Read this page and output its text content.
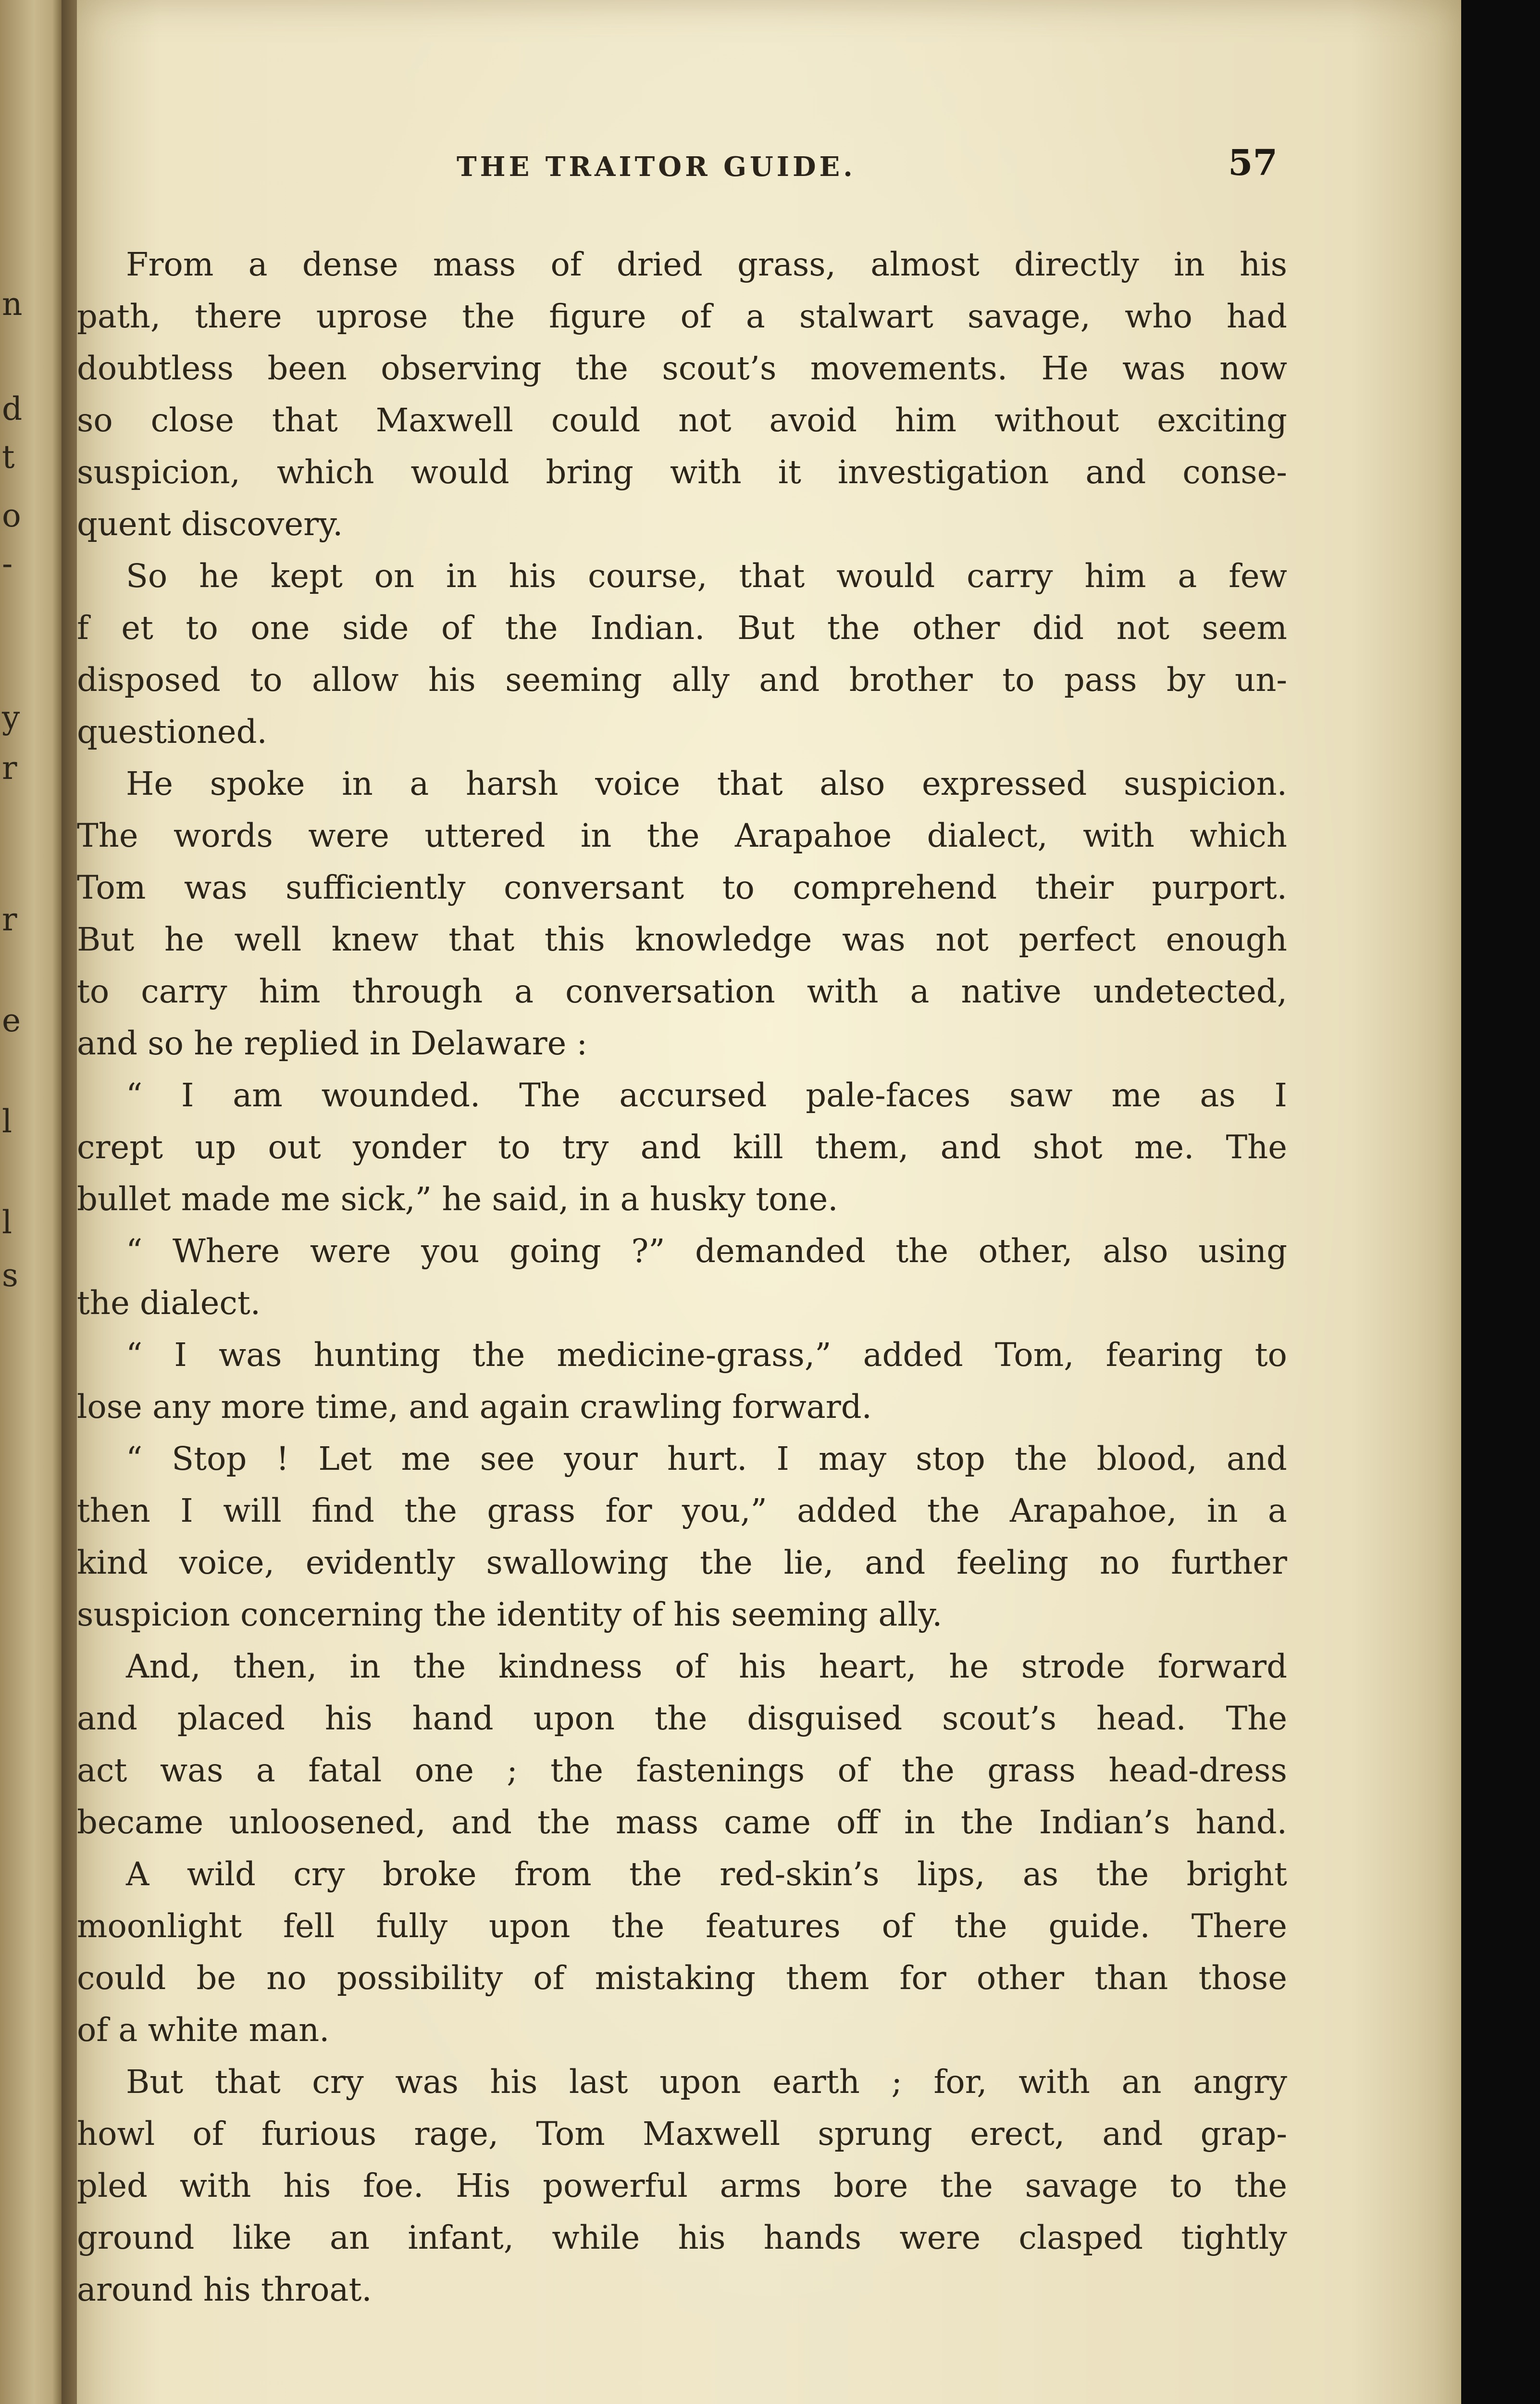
n
d
t
o
-
y
r
r
e
l
l
s
THE TRAITOR GUIDE.	57
From a dense mass of dried grass, almost directly in his
path, there uprose the figure of a stalwart savage, who had
doubtless been observing the scout’s movements. He was now
so close that Maxwell could not avoid him without exciting
suspicion, which would bring with it investigation and conse-
quent discovery.
So he kept on in his course, that would carry him a few
f et to one side of the Indian. But the other did not seem
disposed to allow his seeming ally and brother to pass by un-
questioned.
He spoke in a harsh voice that also expressed suspicion.
The words were uttered in the Arapahoe dialect, with which
Tom was sufficiently conversant to comprehend their purport.
But he well knew that this knowledge was not perfect enough
to carry him through a conversation with a native undetected,
and so he replied in Delaware :
“ I am wounded. The accursed pale-faces saw me as I
crept up out yonder to try and kill them, and shot me. The
bullet made me sick,” he said, in a husky tone.
“ Where were you going ?” demanded the other, also using
the dialect.
“ I was hunting the medicine-grass,” added Tom, fearing to
lose any more time, and again crawling forward.
“ Stop ! Let me see your hurt. I may stop the blood, and
then I will find the grass for you,” added the Arapahoe, in a
kind voice, evidently swallowing the lie, and feeling no further
suspicion concerning the identity of his seeming ally.
And, then, in the kindness of his heart, he strode forward
and placed his hand upon the disguised scout’s head. The
act was a fatal one ; the fastenings of the grass head-dress
became unloosened, and the mass came off in the Indian’s hand.
A wild cry broke from the red-skin’s lips, as the bright
moonlight fell fully upon the features of the guide. There
could be no possibility of mistaking them for other than those
of a white man.
But that cry was his last upon earth ; for, with an angry
howl of furious rage, Tom Maxwell sprung erect, and grap-
pled with his foe. His powerful arms bore the savage to the
ground like an infant, while his hands were clasped tightly
around his throat.
